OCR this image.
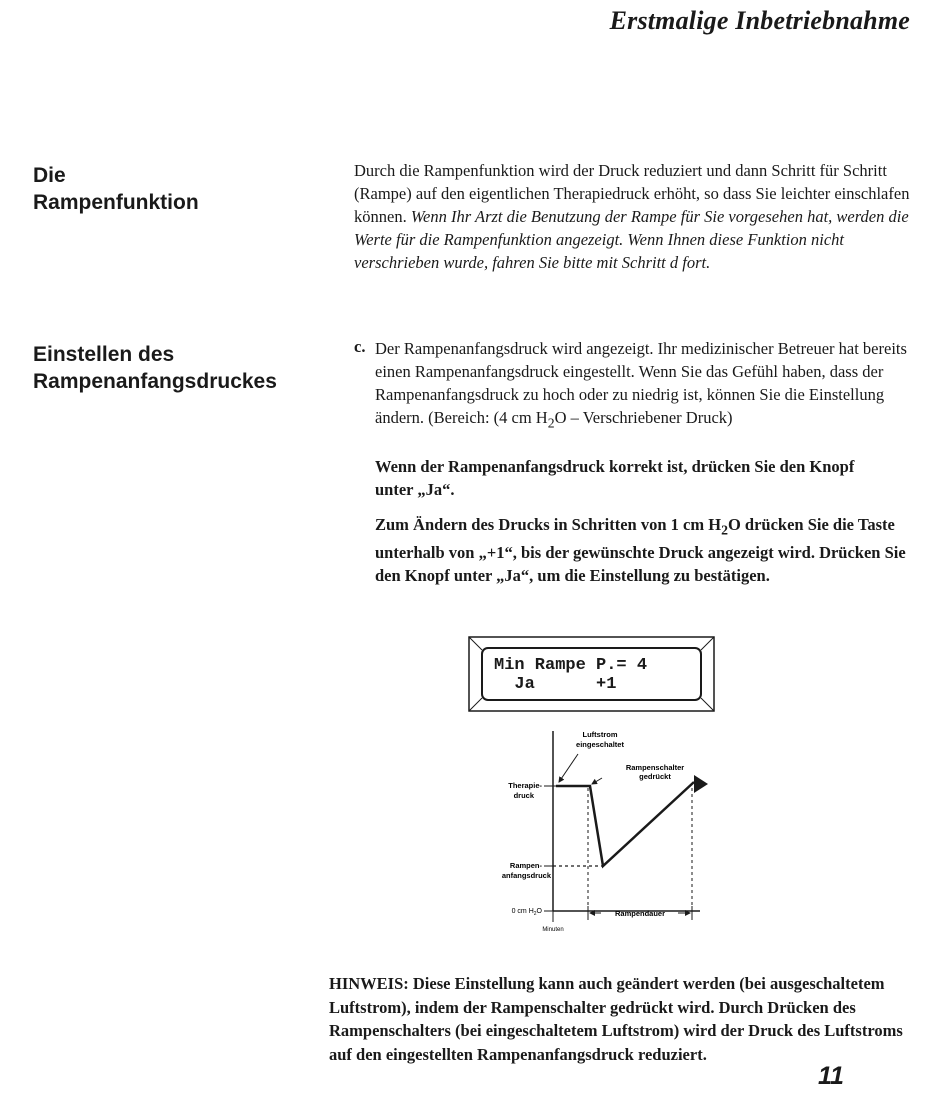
Erstmalige Inbetriebnahme
Die
Rampenfunktion
Durch die Rampenfunktion wird der Druck reduziert und dann Schritt für Schritt (Rampe) auf den eigentlichen Therapiedruck erhöht, so dass Sie leichter einschlafen können. Wenn Ihr Arzt die Benutzung der Rampe für Sie vorgesehen hat, werden die Werte für die Rampenfunktion angezeigt. Wenn Ihnen diese Funktion nicht verschrieben wurde, fahren Sie bitte mit Schritt d fort.
Einstellen des
Rampenanfangsdruckes
c. Der Rampenanfangsdruck wird angezeigt. Ihr medizinischer Betreuer hat bereits einen Rampenanfangsdruck eingestellt. Wenn Sie das Gefühl haben, dass der Rampenanfangsdruck zu hoch oder zu niedrig ist, können Sie die Einstellung ändern. (Bereich: (4 cm $H_2O$ – Verschriebener Druck)
Wenn der Rampenanfangsdruck korrekt ist, drücken Sie den Knopf unter „Ja“.
Zum Ändern des Drucks in Schritten von 1 cm $H_2O$ drücken Sie die Taste unterhalb von „+1“, bis der gewünschte Druck angezeigt wird. Drücken Sie den Knopf unter „Ja“, um die Einstellung zu bestätigen.
Min Rampe P.= 4
Ja      +1
Luftstrom
eingeschaltet
Rampenschalter
gedrückt
Therapie-
druck
Rampen-
anfangsdruck
0 cm $H_2O$
Minuten
Rampendauer
HINWEIS: Diese Einstellung kann auch geändert werden (bei ausgeschaltetem Luftstrom), indem der Rampenschalter gedrückt wird. Durch Drücken des Rampenschalters (bei eingeschaltetem Luftstrom) wird der Druck des Luftstroms auf den eingestellten Rampenanfangsdruck reduziert.
11
